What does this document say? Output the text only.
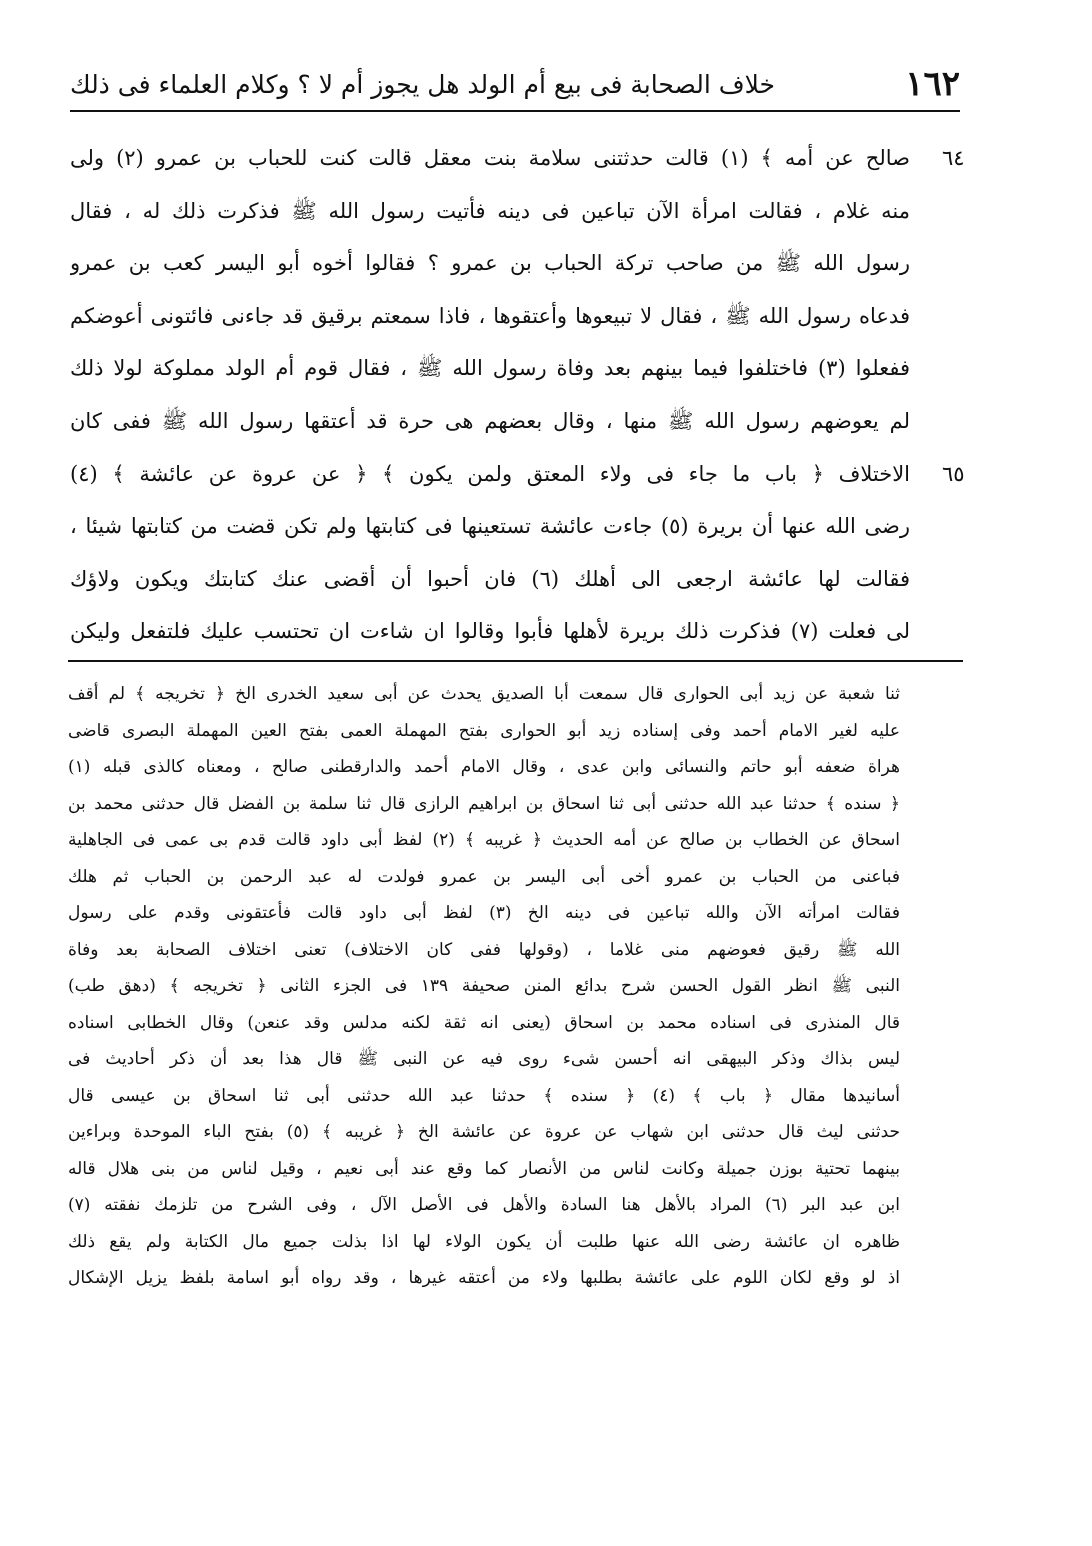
١٦٢
خلاف الصحابة فى بيع أم الولد هل يجوز أم لا ؟ وكلام العلماء فى ذلك
٦٤
٦٥
صالح عن أمه ﴾ (١) قالت حدثتنى سلامة بنت معقل قالت كنت للحباب بن عمرو (٢) ولى
منه غلام ، فقالت امرأة الآن تباعين فى دينه فأتيت رسول الله ﷺ فذكرت ذلك له ، فقال
رسول الله ﷺ من صاحب تركة الحباب بن عمرو ؟ فقالوا أخوه أبو اليسر كعب بن عمرو
فدعاه رسول الله ﷺ ، فقال لا تبيعوها وأعتقوها ، فاذا سمعتم برقيق قد جاءنى فائتونى أعوضكم
ففعلوا (٣) فاختلفوا فيما بينهم بعد وفاة رسول الله ﷺ ، فقال قوم أم الولد مملوكة لولا ذلك
لم يعوضهم رسول الله ﷺ منها ، وقال بعضهم هى حرة قد أعتقها رسول الله ﷺ ففى كان
الاختلاف ﴿ باب ما جاء فى ولاء المعتق ولمن يكون ﴾ ﴿ عن عروة عن عائشة ﴾ (٤)
رضى الله عنها أن بريرة (٥) جاءت عائشة تستعينها فى كتابتها ولم تكن قضت من كتابتها شيئا ،
فقالت لها عائشة ارجعى الى أهلك (٦) فان أحبوا أن أقضى عنك كتابتك ويكون ولاؤك
لى فعلت (٧) فذكرت ذلك بريرة لأهلها فأبوا وقالوا ان شاءت ان تحتسب عليك فلتفعل وليكن
ثنا شعبة عن زيد أبى الحوارى قال سمعت أبا الصديق يحدث عن أبى سعيد الخدرى الخ ﴿ تخريجه ﴾ لم أقف
عليه لغير الامام أحمد وفى إسناده زيد أبو الحوارى بفتح المهملة العمى بفتح العين المهملة البصرى قاضى
هراة ضعفه أبو حاتم والنسائى وابن عدى ، وقال الامام أحمد والدارقطنى صالح ، ومعناه كالذى قبله (١)
﴿ سنده ﴾ حدثنا عبد الله حدثنى أبى ثنا اسحاق بن ابراهيم الرازى قال ثنا سلمة بن الفضل قال حدثنى محمد بن
اسحاق عن الخطاب بن صالح عن أمه الحديث ﴿ غريبه ﴾ (٢) لفظ أبى داود قالت قدم بى عمى فى الجاهلية
فباعنى من الحباب بن عمرو أخى أبى اليسر بن عمرو فولدت له عبد الرحمن بن الحباب ثم هلك
فقالت امرأته الآن والله تباعين فى دينه الخ (٣) لفظ أبى داود قالت فأعتقونى وقدم على رسول
الله ﷺ رقيق فعوضهم منى غلاما ، (وقولها ففى كان الاختلاف) تعنى اختلاف الصحابة بعد وفاة
النبى ﷺ انظر القول الحسن شرح بدائع المنن صحيفة ١٣٩ فى الجزء الثانى ﴿ تخريجه ﴾ (دهق طب)
قال المنذرى فى اسناده محمد بن اسحاق (يعنى انه ثقة لكنه مدلس وقد عنعن) وقال الخطابى اسناده
ليس بذاك وذكر البيهقى انه أحسن شىء روى فيه عن النبى ﷺ قال هذا بعد أن ذكر أحاديث فى
أسانيدها مقال ﴿ باب ﴾ (٤) ﴿ سنده ﴾ حدثنا عبد الله حدثنى أبى ثنا اسحاق بن عيسى قال
حدثنى ليث قال حدثنى ابن شهاب عن عروة عن عائشة الخ ﴿ غريبه ﴾ (٥) بفتح الباء الموحدة وبراءين
بينهما تحتية بوزن جميلة وكانت لناس من الأنصار كما وقع عند أبى نعيم ، وقيل لناس من بنى هلال قاله
ابن عبد البر (٦) المراد بالأهل هنا السادة والأهل فى الأصل الآل ، وفى الشرح من تلزمك نفقته (٧)
ظاهره ان عائشة رضى الله عنها طلبت أن يكون الولاء لها اذا بذلت جميع مال الكتابة ولم يقع ذلك
اذ لو وقع لكان اللوم على عائشة بطلبها ولاء من أعتقه غيرها ، وقد رواه أبو اسامة بلفظ يزيل الإشكال
